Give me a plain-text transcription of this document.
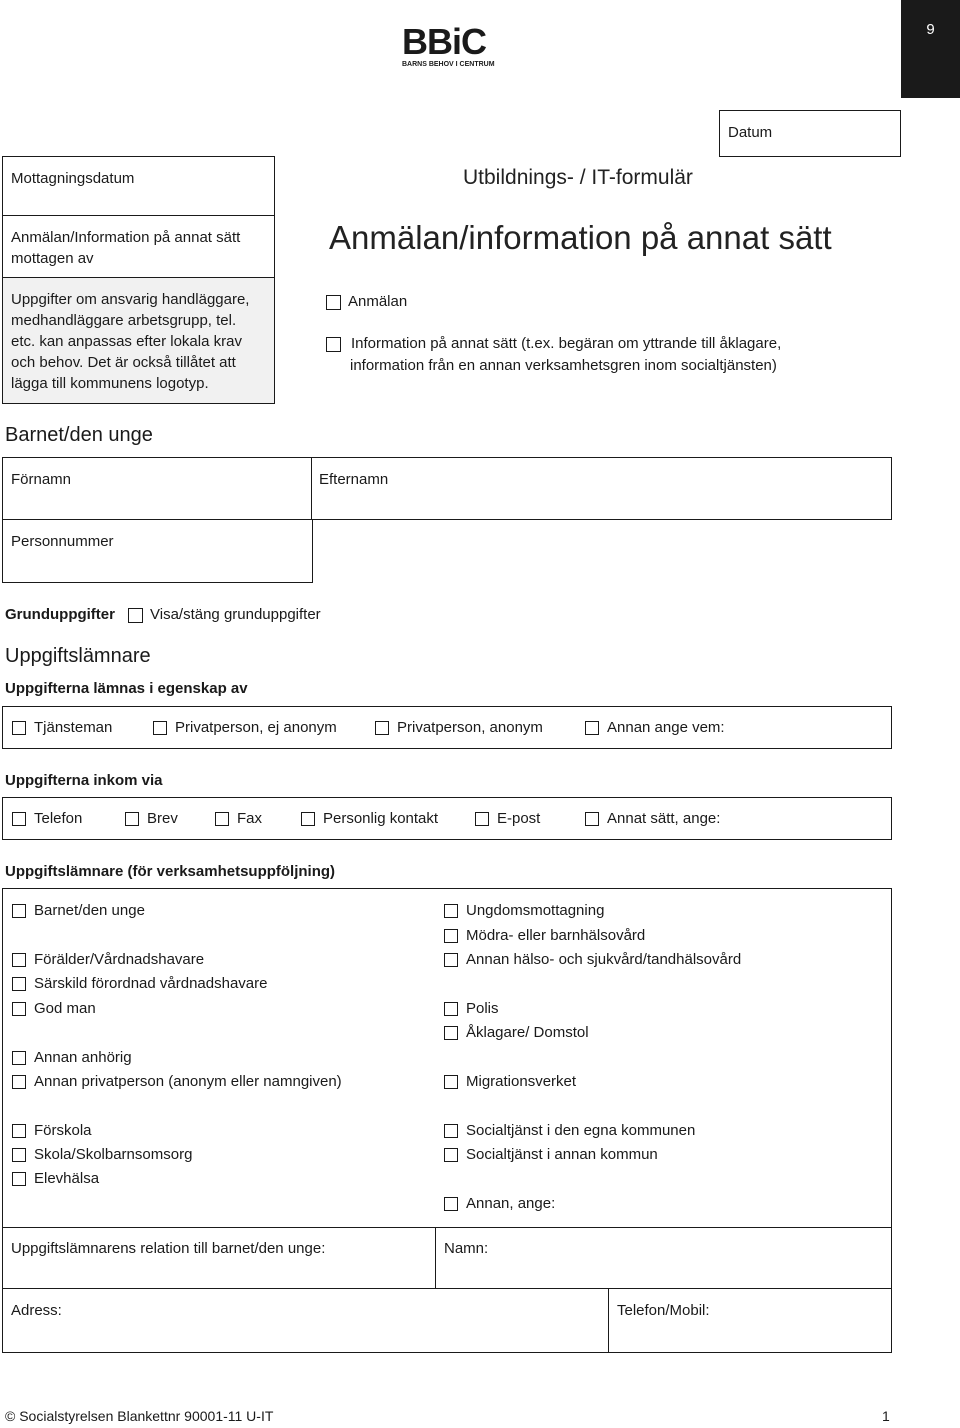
9
BBiC
BARNS BEHOV I CENTRUM
Datum
Mottagningsdatum
Anmälan/Information på annat sätt
mottagen av
Uppgifter om ansvarig handläggare,
medhandläggare arbetsgrupp, tel.
etc. kan anpassas efter lokala krav
och behov. Det är också tillåtet att
lägga till kommunens logotyp.
Utbildnings- / IT-formulär
Anmälan/information på annat sätt
Anmälan
Information på annat sätt (t.ex. begäran om yttrande till åklagare,
information från en annan verksamhetsgren inom socialtjänsten)
Barnet/den unge
Förnamn	Efternamn
Personnummer
Grunduppgifter Visa/stäng grunduppgifter
Uppgiftslämnare
Uppgifterna lämnas i egenskap av
Tjänsteman	Privatperson, ej anonym	Privatperson, anonym	Annan ange vem:
Uppgifterna inkom via
Telefon	Brev	Fax	Personlig kontakt	E-post	Annat sätt, ange:
Uppgiftslämnare (för verksamhetsuppföljning)
Barnet/den unge
Förälder/Vårdnadshavare
Särskild förordnad vårdnadshavare
God man
Annan anhörig
Annan privatperson (anonym eller namngiven)
Förskola
Skola/Skolbarnsomsorg
Elevhälsa
Ungdomsmottagning
Mödra- eller barnhälsovård
Annan hälso- och sjukvård/tandhälsovård
Polis
Åklagare/ Domstol
Migrationsverket
Socialtjänst i den egna kommunen
Socialtjänst i annan kommun
Annan, ange:
Uppgiftslämnarens relation till barnet/den unge:	Namn:
Adress:	Telefon/Mobil:
© Socialstyrelsen Blankettnr 90001-11 U-IT	1
